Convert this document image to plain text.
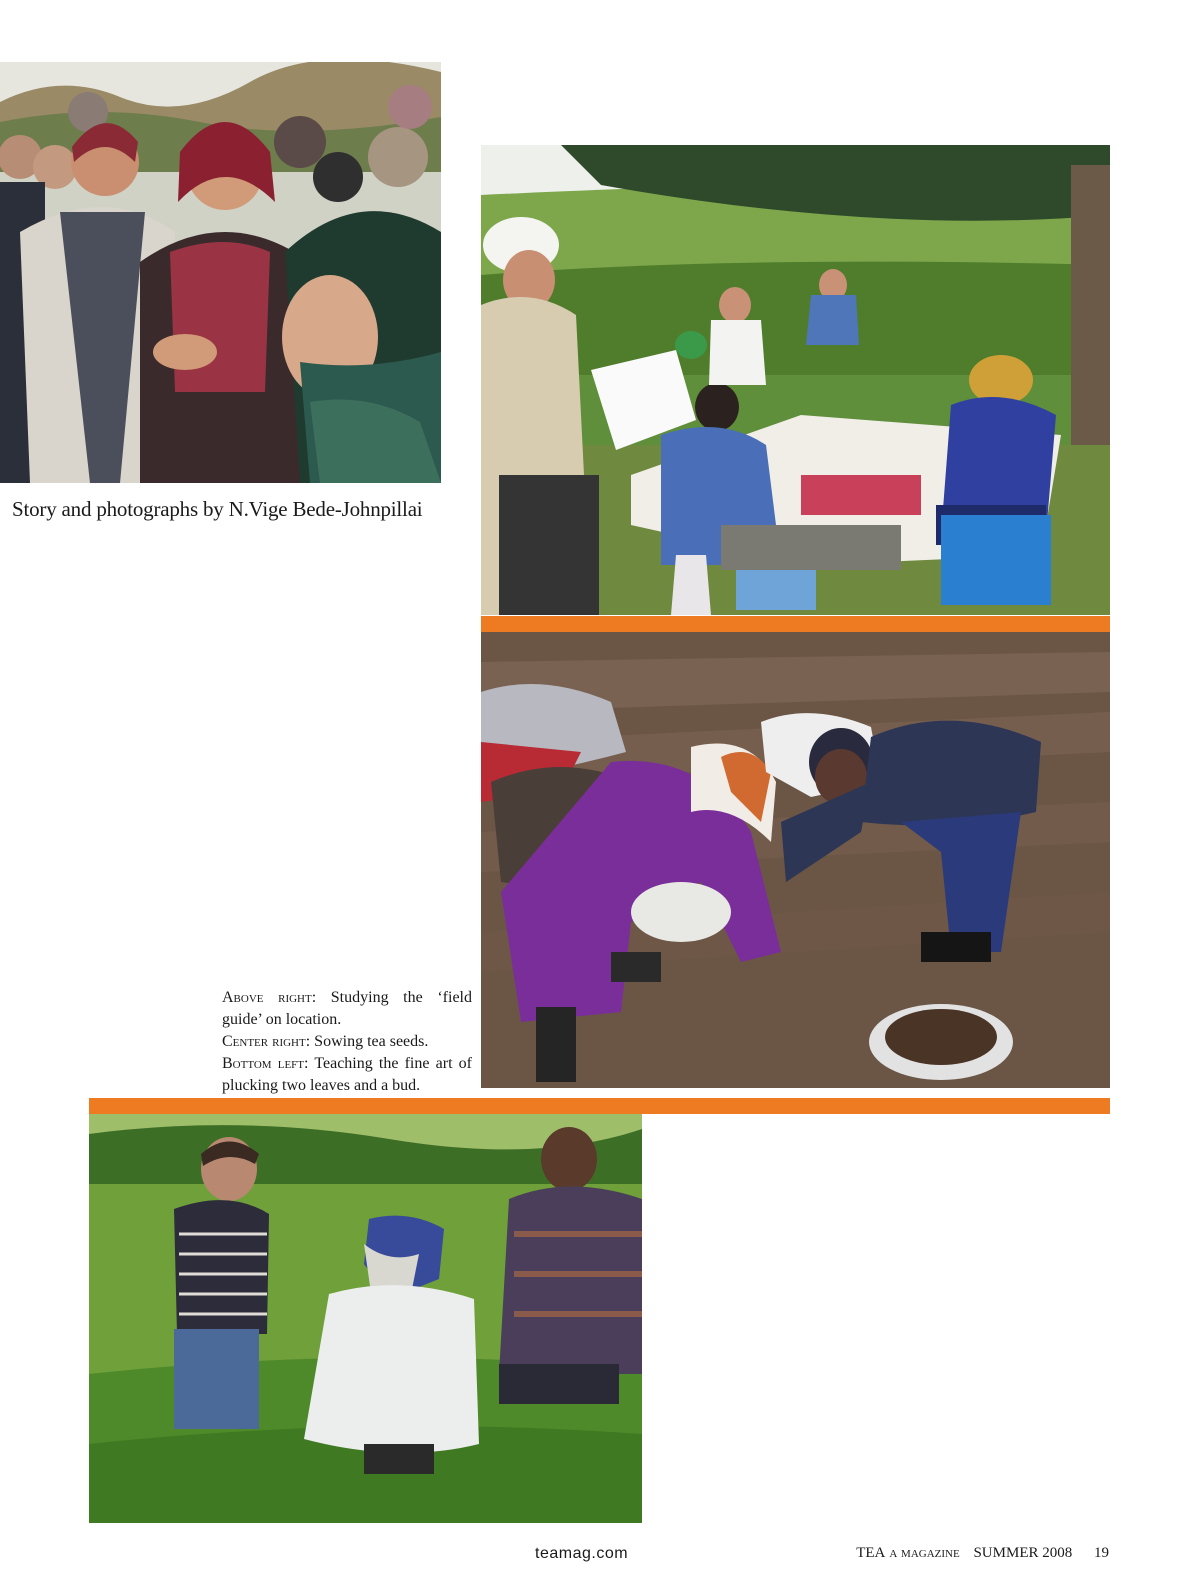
Story and photographs by N.Vige Bede-Johnpillai

Above right: Studying the ‘field guide’ on location.

Center right: Sowing tea seeds.

Bottom left: Teaching the fine art of plucking two leaves and a bud.

teamag.com	TEA a magazine SUMMER 2008 19
